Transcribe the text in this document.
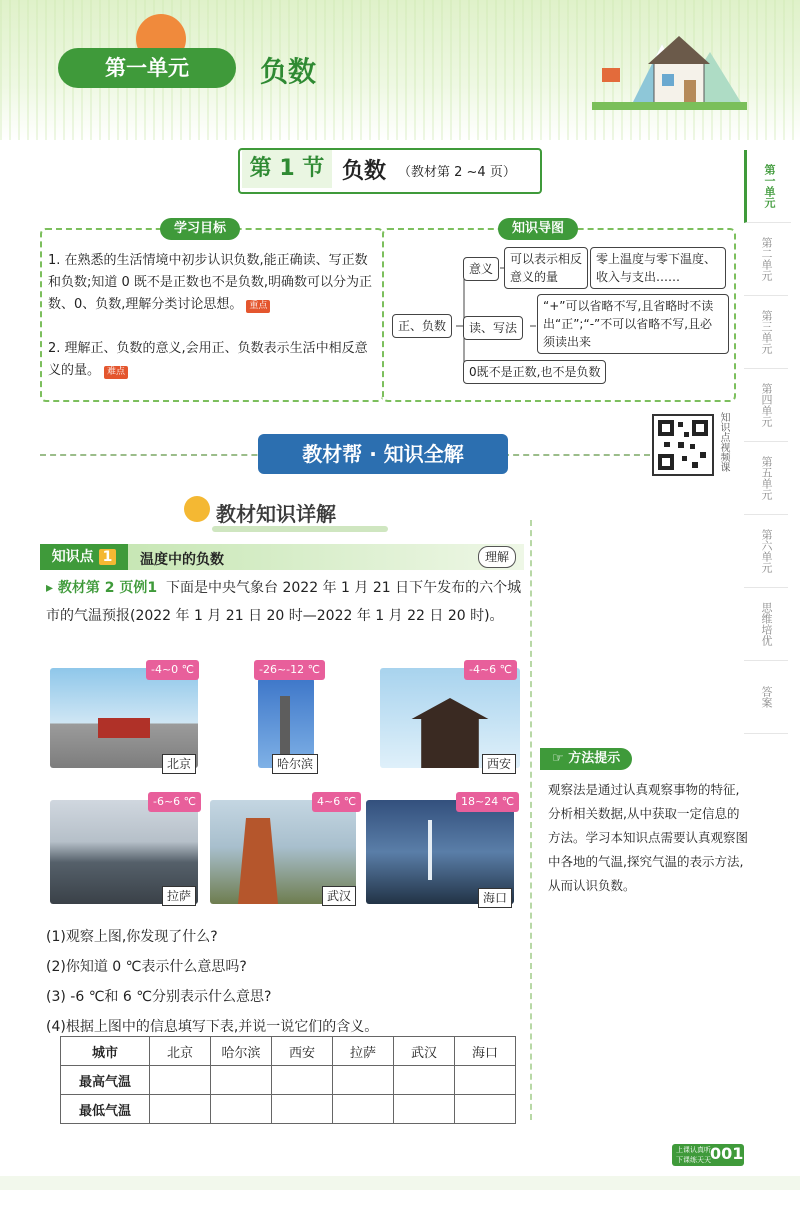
第一单元	负数
第一单元
第二单元
第三单元
第四单元
第五单元
第六单元
思维培优
答案
第 1 节 负数 （教材第 2 ~4 页）
学习目标
1. 在熟悉的生活情境中初步认识负数,能正确读、写正数和负数;知道 0 既不是正数也不是负数,明确数可以分为正数、0、负数,理解分类讨论思想。 重点
2. 理解正、负数的意义,会用正、负数表示生活中相反意义的量。 难点
知识导图
正、负数
意义
可以表示相反意义的量
零上温度与零下温度、收入与支出……
读、写法
“+”可以省略不写,且省略时不读出“正”;“-”不可以省略不写,且必须读出来
0既不是正数,也不是负数
教材帮 · 知识全解	知识点视频课
教材知识详解
知识点 1	温度中的负数	理解
▸ 教材第 2 页例1 下面是中央气象台 2022 年 1 月 21 日下午发布的六个城市的气温预报(2022 年 1 月 21 日 20 时—2022 年 1 月 22 日 20 时)。
-4~0 ℃
北京
-26~-12 ℃
哈尔滨
-4~6 ℃
西安
-6~6 ℃
拉萨
4~6 ℃
武汉
18~24 ℃
海口
(1)观察上图,你发现了什么?
(2)你知道 0 ℃表示什么意思吗?
(3) -6 ℃和 6 ℃分别表示什么意思?
(4)根据上图中的信息填写下表,并说一说它们的含义。
城市	北京	哈尔滨	西安	拉萨	武汉	海口
最高气温						
最低气温						
☞ 方法提示
观察法是通过认真观察事物的特征,分析相关数据,从中获取一定信息的方法。学习本知识点需要认真观察图中各地的气温,探究气温的表示方法,从而认识负数。
上课认真听
下课练天天 001
